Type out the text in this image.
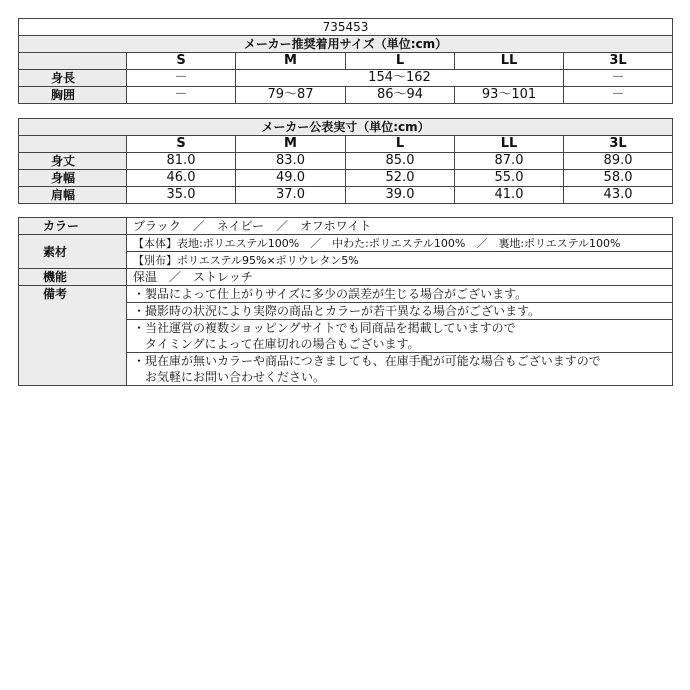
735453					
メーカー推奨着用サイズ（単位:cm）					
	S	M	L	LL	3L
身長	－	154～162			－
胸囲	－	79～87	86～94	93～101	－
メーカー公表実寸（単位:cm）					
	S	M	L	LL	3L
身丈	81.0	83.0	85.0	87.0	89.0
身幅	46.0	49.0	52.0	55.0	58.0
肩幅	35.0	37.0	39.0	41.0	43.0
カラー	ブラック　／　ネイビー　／　オフホワイト
素材	【本体】表地:ポリエステル100%　／　中わた:ポリエステル100%　／　裏地:ポリエステル100%
	【別布】ポリエステル95%×ポリウレタン5%
機能	保温　／　ストレッチ
備考	・製品によって仕上がりサイズに多少の誤差が生じる場合がございます。
	・撮影時の状況により実際の商品とカラーが若干異なる場合がございます。
	・当社運営の複数ショッピングサイトでも同商品を掲載していますので
	　タイミングによって在庫切れの場合もございます。
	・現在庫が無いカラーや商品につきましても、在庫手配が可能な場合もございますので
	　お気軽にお問い合わせください。
